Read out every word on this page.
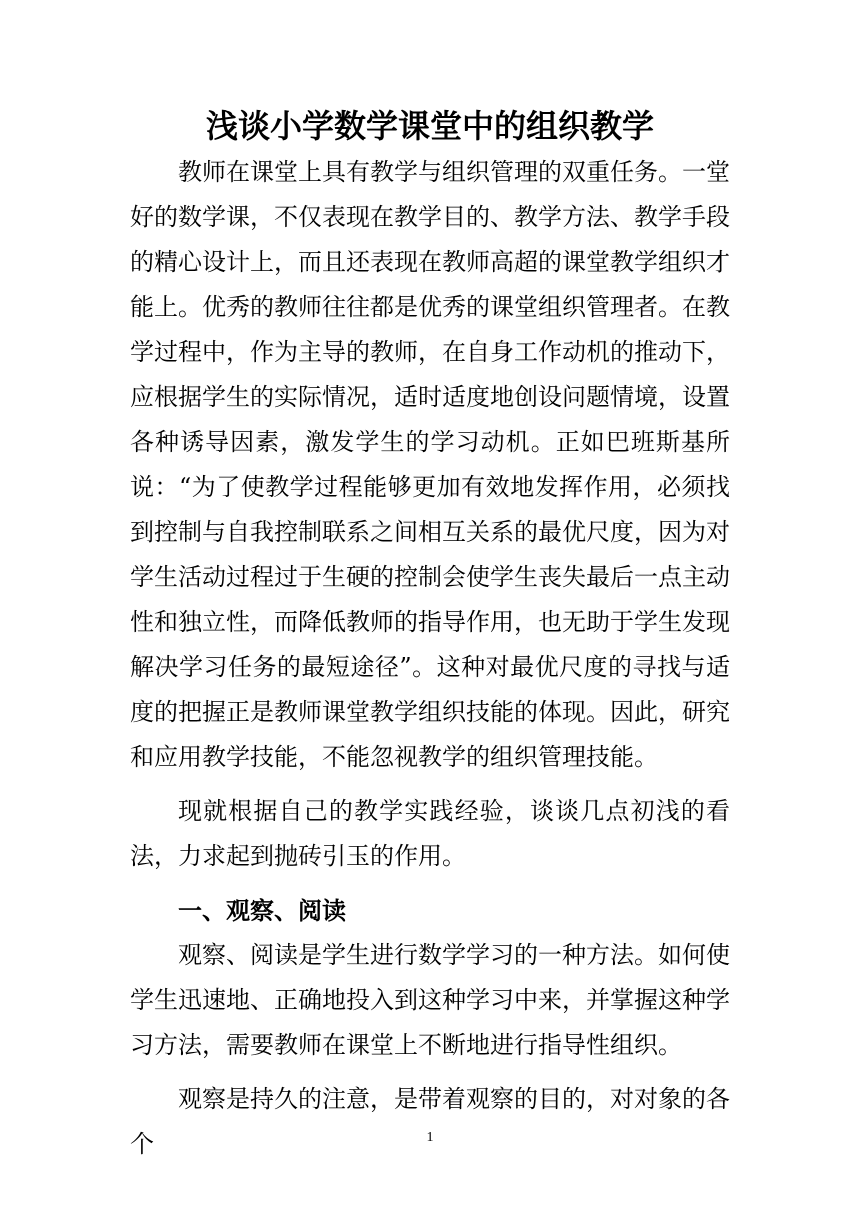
浅谈小学数学课堂中的组织教学

教师在课堂上具有教学与组织管理的双重任务。一堂好的数学课，不仅表现在教学目的、教学方法、教学手段的精心设计上，而且还表现在教师高超的课堂教学组织才能上。优秀的教师往往都是优秀的课堂组织管理者。在教学过程中，作为主导的教师，在自身工作动机的推动下，应根据学生的实际情况，适时适度地创设问题情境，设置各种诱导因素，激发学生的学习动机。正如巴班斯基所说：“为了使教学过程能够更加有效地发挥作用，必须找到控制与自我控制联系之间相互关系的最优尺度，因为对学生活动过程过于生硬的控制会使学生丧失最后一点主动性和独立性，而降低教师的指导作用，也无助于学生发现解决学习任务的最短途径”。这种对最优尺度的寻找与适度的把握正是教师课堂教学组织技能的体现。因此，研究和应用教学技能，不能忽视教学的组织管理技能。

现就根据自己的教学实践经验，谈谈几点初浅的看法，力求起到抛砖引玉的作用。

一、观察、阅读

观察、阅读是学生进行数学学习的一种方法。如何使学生迅速地、正确地投入到这种学习中来，并掌握这种学习方法，需要教师在课堂上不断地进行指导性组织。

观察是持久的注意，是带着观察的目的，对对象的各个	1
